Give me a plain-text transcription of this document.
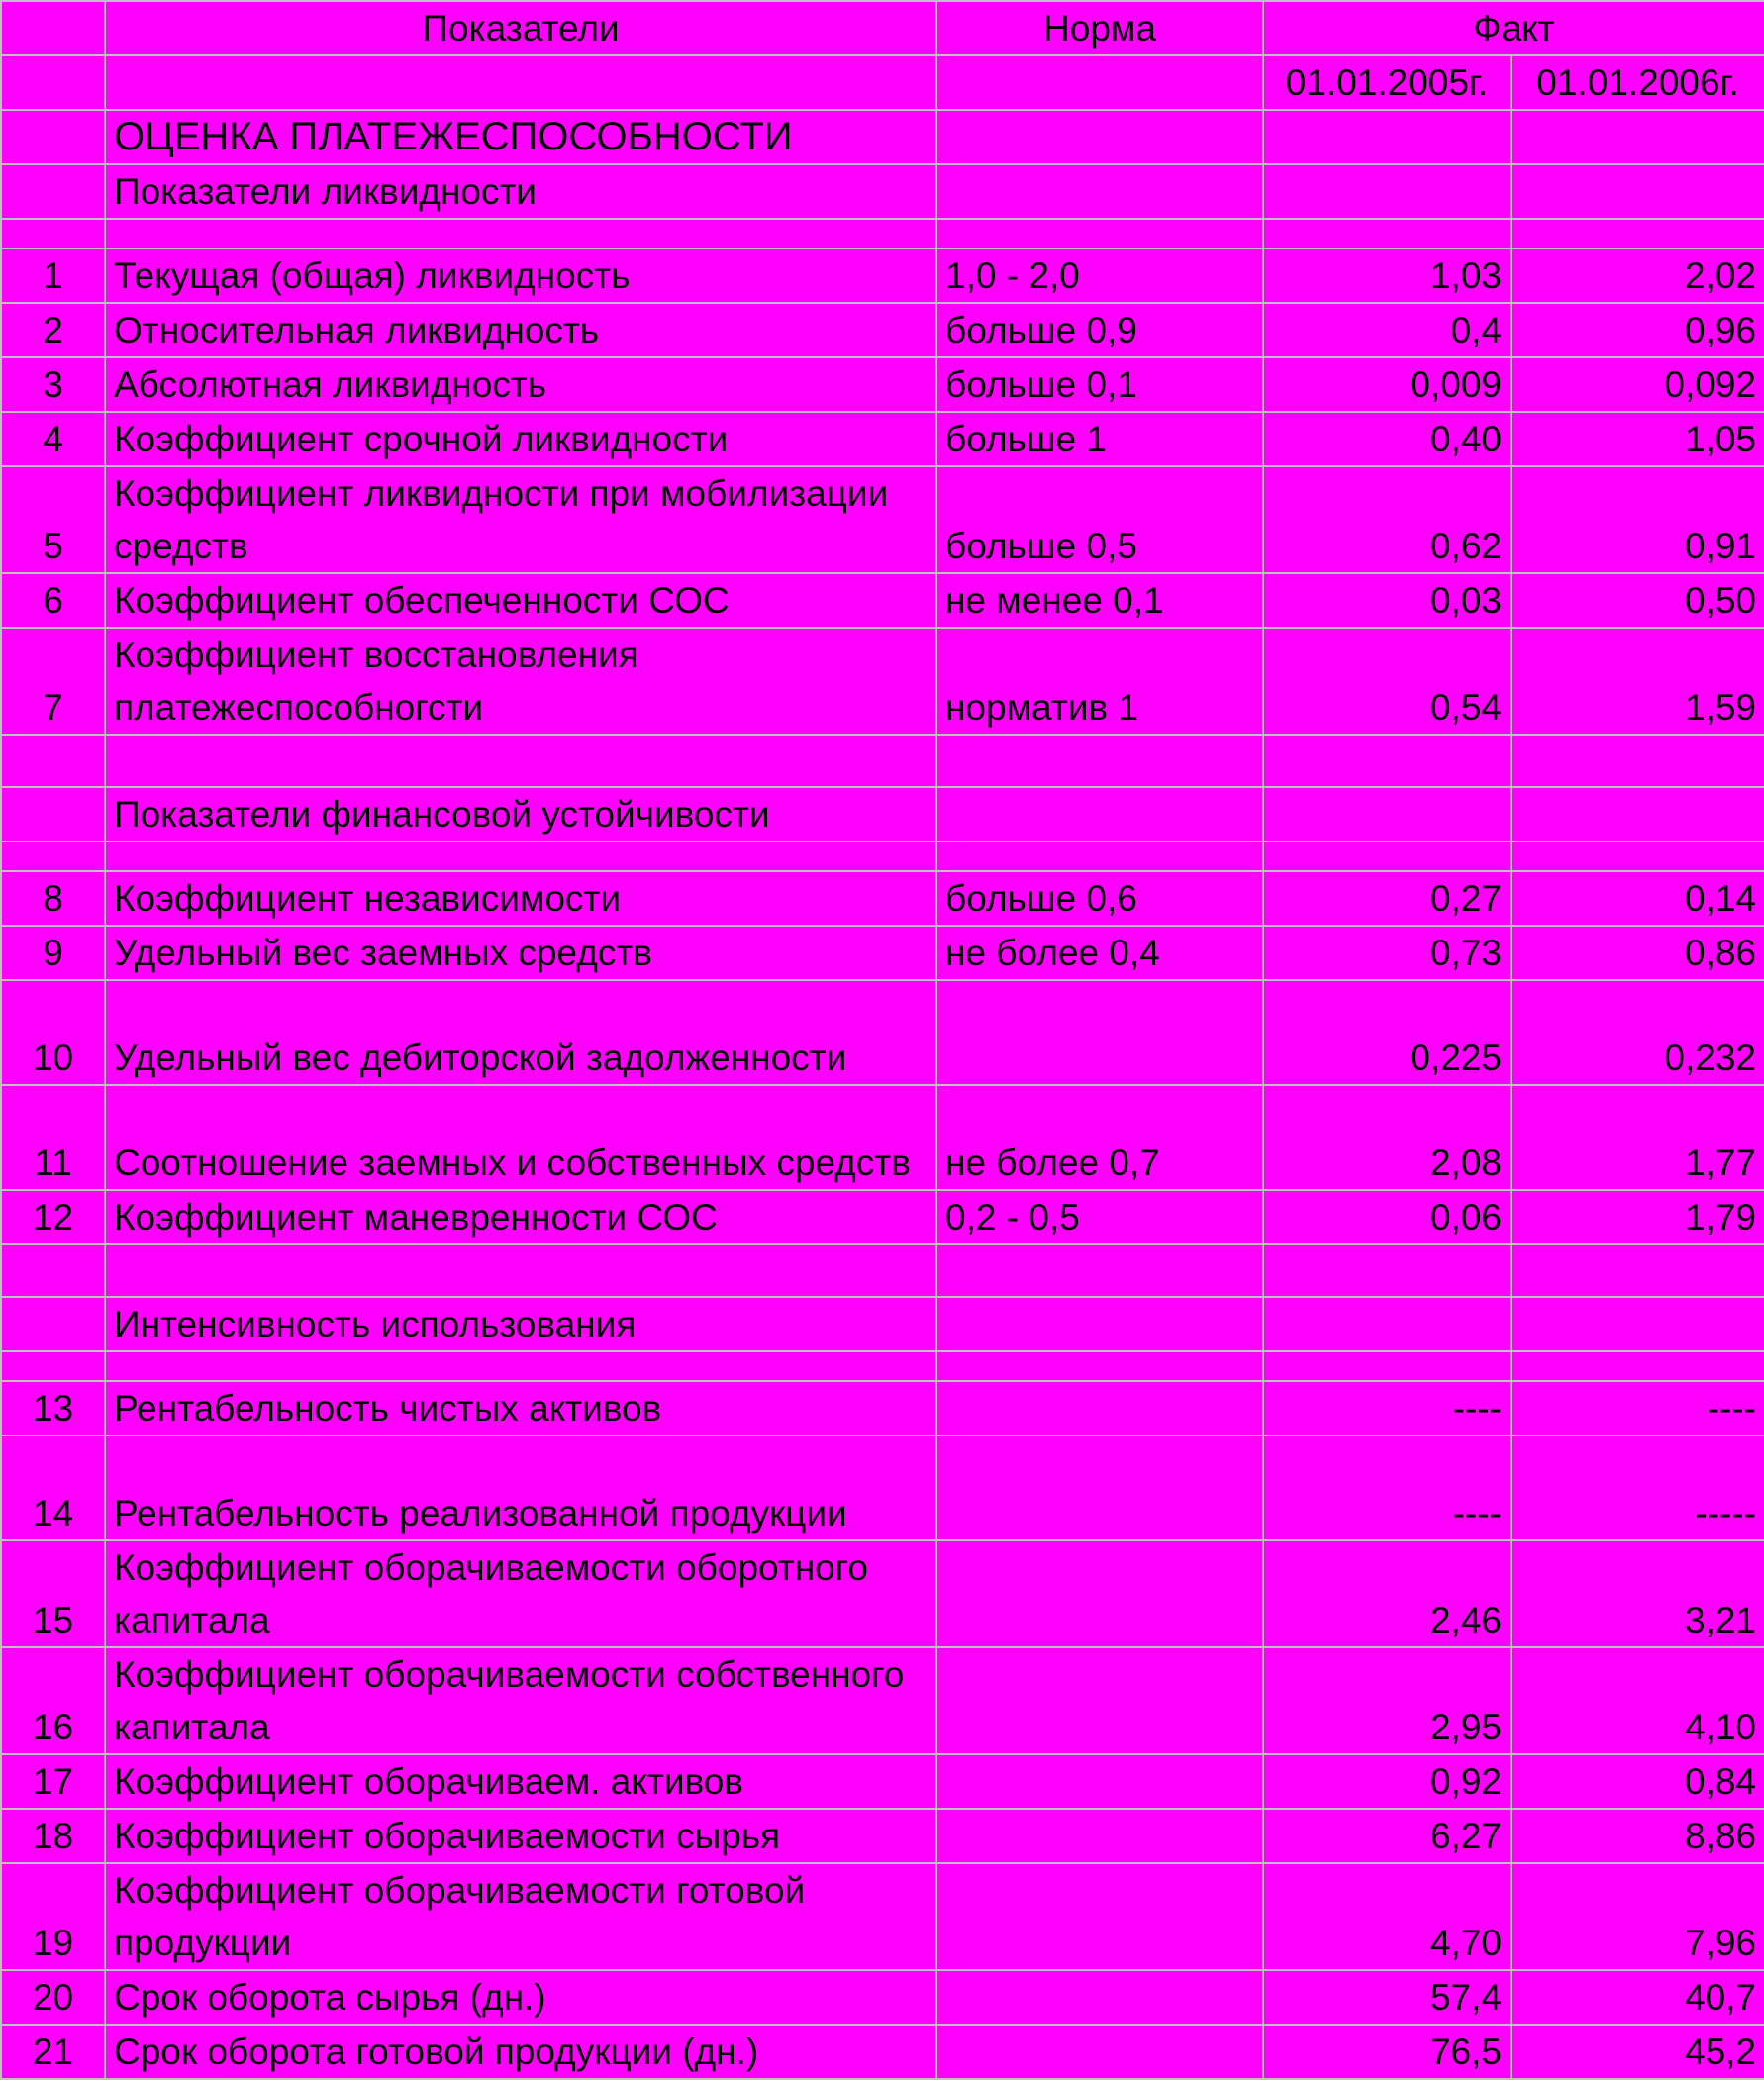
	Показатели	Норма	Факт	
			01.01.2005г.	01.01.2006г.
	ОЦЕНКА ПЛАТЕЖЕСПОСОБНОСТИ			
	Показатели ликвидности			

1	Текущая (общая) ликвидность	1,0 - 2,0	1,03	2,02
2	Относительная ликвидность	больше 0,9	0,4	0,96
3	Абсолютная ликвидность	больше 0,1	0,009	0,092
4	Коэффициент срочной ликвидности	больше 1	0,40	1,05
5	Коэффициент ликвидности при мобилизации средств	больше 0,5	0,62	0,91
6	Коэффициент обеспеченности СОС	не менее 0,1	0,03	0,50
7	Коэффициент восстановления платежеспособногсти	норматив 1	0,54	1,59

	Показатели финансовой устойчивости			

8	Коэффициент независимости	больше 0,6	0,27	0,14
9	Удельный вес заемных средств	не более 0,4	0,73	0,86
10	Удельный вес дебиторской задолженности		0,225	0,232
11	Соотношение заемных и собственных средств	не более 0,7	2,08	1,77
12	Коэффициент маневренности СОС	0,2 - 0,5	0,06	1,79

	Интенсивность использования			

13	Рентабельность чистых активов		----	----
14	Рентабельность реализованной продукции		----	-----
15	Коэффициент оборачиваемости оборотного капитала		2,46	3,21
16	Коэффициент оборачиваемости собственного капитала		2,95	4,10
17	Коэффициент оборачиваем. активов		0,92	0,84
18	Коэффициент оборачиваемости сырья		6,27	8,86
19	Коэффициент оборачиваемости готовой продукции		4,70	7,96
20	Срок оборота сырья (дн.)		57,4	40,7
21	Срок оборота готовой продукции (дн.)		76,5	45,2
